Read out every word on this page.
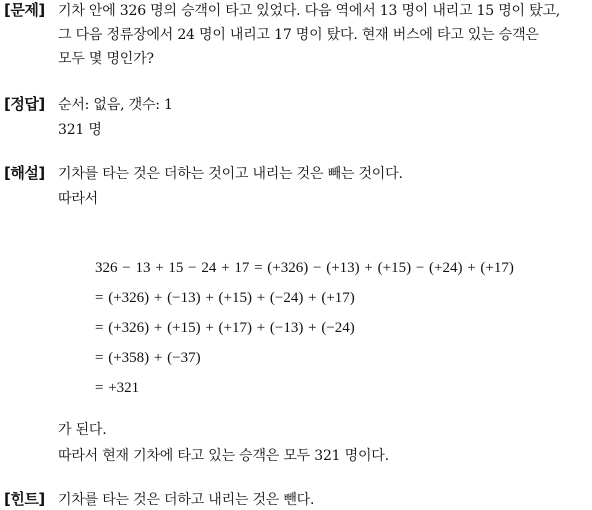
[문제] 기차 안에 326 명의 승객이 타고 있었다. 다음 역에서 13 명이 내리고 15 명이 탔고,
그 다음 정류장에서 24 명이 내리고 17 명이 탔다. 현재 버스에 타고 있는 승객은
모두 몇 명인가?
[정답] 순서: 없음, 갯수: 1
321 명
[해설] 기차를 타는 것은 더하는 것이고 내리는 것은 빼는 것이다.
따라서
326 − 13 + 15 − 24 + 17 = (+326) − (+13) + (+15) − (+24) + (+17)
= (+326) + (−13) + (+15) + (−24) + (+17)
= (+326) + (+15) + (+17) + (−13) + (−24)
= (+358) + (−37)
= +321
가 된다.
따라서 현재 기차에 타고 있는 승객은 모두 321 명이다.
[힌트] 기차를 타는 것은 더하고 내리는 것은 뺀다.
